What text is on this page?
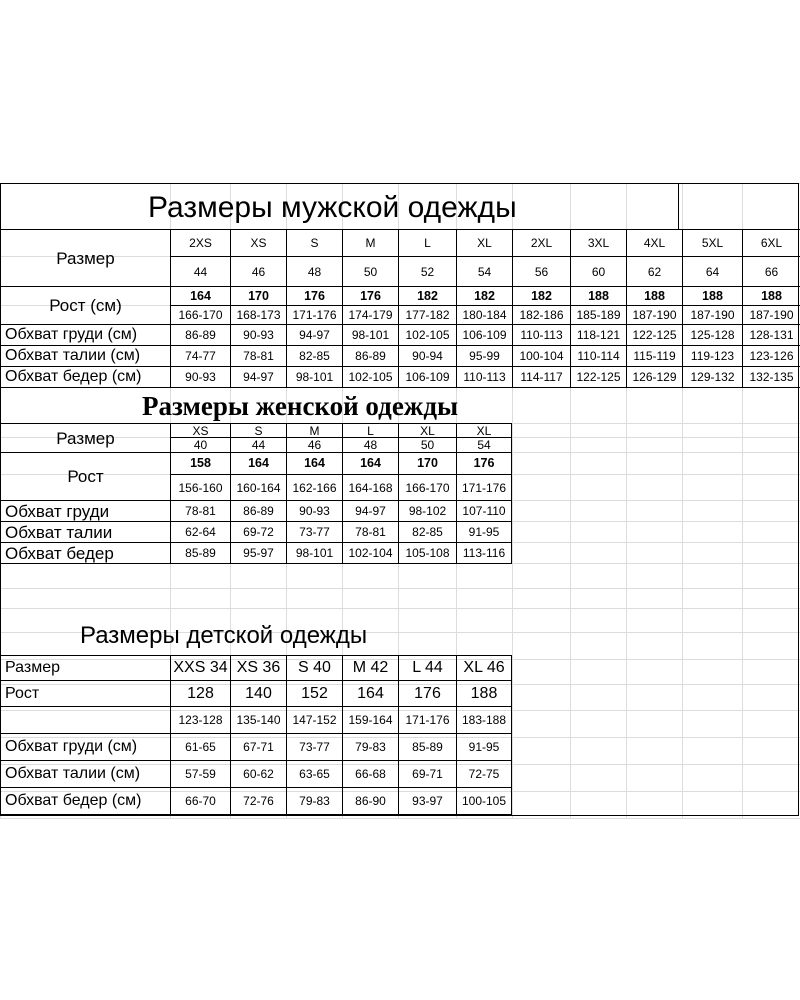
Размеры мужской одежды
Размер	2XS	XS	S	M	L	XL	2XL	3XL	4XL	5XL	6XL
	44	46	48	50	52	54	56	60	62	64	66
Рост (см)	164	170	176	176	182	182	182	188	188	188	188
	166-170	168-173	171-176	174-179	177-182	180-184	182-186	185-189	187-190	187-190	187-190
Обхват груди (см)	86-89	90-93	94-97	98-101	102-105	106-109	110-113	118-121	122-125	125-128	128-131
Обхват талии (см)	74-77	78-81	82-85	86-89	90-94	95-99	100-104	110-114	115-119	119-123	123-126
Обхват бедер (см)	90-93	94-97	98-101	102-105	106-109	110-113	114-117	122-125	126-129	129-132	132-135
Размеры женской одежды
Размер	XS	S	M	L	XL	XL
	40	44	46	48	50	54
Рост	158	164	164	164	170	176
	156-160	160-164	162-166	164-168	166-170	171-176
Обхват груди	78-81	86-89	90-93	94-97	98-102	107-110
Обхват талии	62-64	69-72	73-77	78-81	82-85	91-95
Обхват бедер	85-89	95-97	98-101	102-104	105-108	113-116
Размеры детской одежды
Размер	XXS 34	XS 36	S 40	M 42	L 44	XL 46
Рост	128	140	152	164	176	188
	123-128	135-140	147-152	159-164	171-176	183-188
Обхват груди (см)	61-65	67-71	73-77	79-83	85-89	91-95
Обхват талии (см)	57-59	60-62	63-65	66-68	69-71	72-75
Обхват бедер (см)	66-70	72-76	79-83	86-90	93-97	100-105
